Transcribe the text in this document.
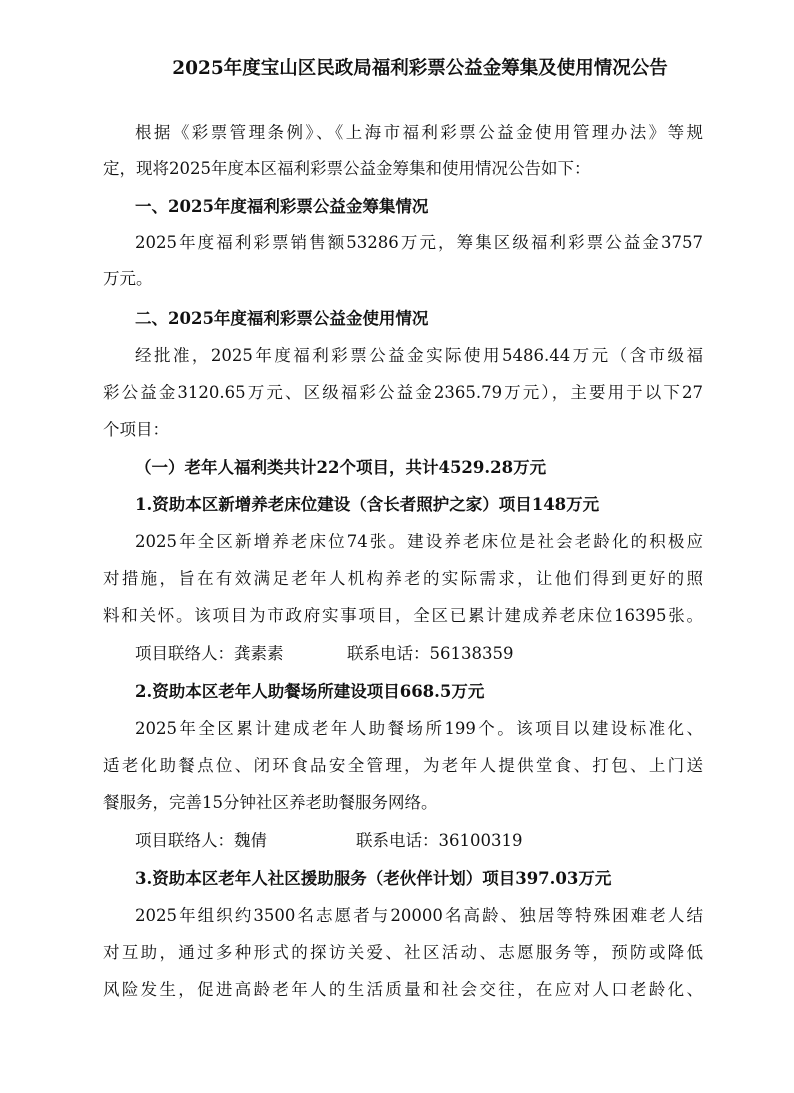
2025年度宝山区民政局福利彩票公益金筹集及使用情况公告
根据《彩票管理条例》、《上海市福利彩票公益金使用管理办法》等规
定，现将2025年度本区福利彩票公益金筹集和使用情况公告如下：
一、2025年度福利彩票公益金筹集情况
2025年度福利彩票销售额53286万元，筹集区级福利彩票公益金3757
万元。
二、2025年度福利彩票公益金使用情况
经批准，2025年度福利彩票公益金实际使用5486.44万元（含市级福
彩公益金3120.65万元、区级福彩公益金2365.79万元），主要用于以下27
个项目：
（一）老年人福利类共计22个项目，共计4529.28万元
1.资助本区新增养老床位建设（含长者照护之家）项目148万元
2025年全区新增养老床位74张。建设养老床位是社会老龄化的积极应
对措施，旨在有效满足老年人机构养老的实际需求，让他们得到更好的照
料和关怀。该项目为市政府实事项目，全区已累计建成养老床位16395张。
项目联络人：龚素素	联系电话：56138359
2.资助本区老年人助餐场所建设项目668.5万元
2025年全区累计建成老年人助餐场所199个。该项目以建设标准化、
适老化助餐点位、闭环食品安全管理，为老年人提供堂食、打包、上门送
餐服务，完善15分钟社区养老助餐服务网络。
项目联络人：魏倩	联系电话：36100319
3.资助本区老年人社区援助服务（老伙伴计划）项目397.03万元
2025年组织约3500名志愿者与20000名高龄、独居等特殊困难老人结
对互助，通过多种形式的探访关爱、社区活动、志愿服务等，预防或降低
风险发生，促进高龄老年人的生活质量和社会交往，在应对人口老龄化、
